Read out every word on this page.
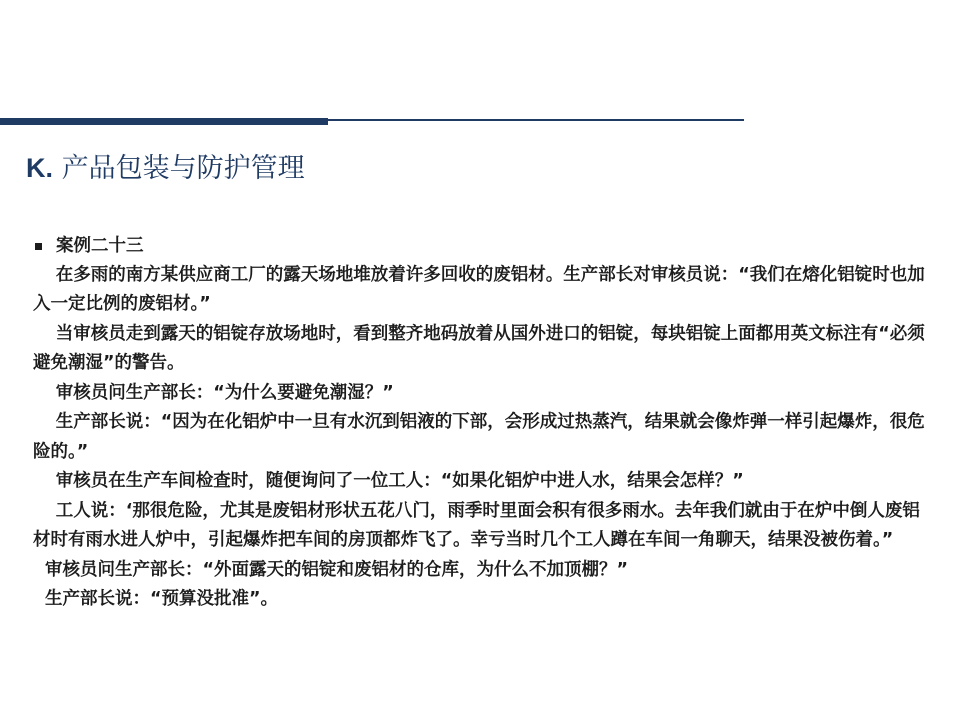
K. 产品包装与防护管理
案例二十三

在多雨的南方某供应商工厂的露天场地堆放着许多回收的废铝材。生产部长对审核员说：“我们在熔化铝锭时也加入一定比例的废铝材。”

当审核员走到露天的铝锭存放场地时，看到整齐地码放着从国外进口的铝锭，每块铝锭上面都用英文标注有“必须避免潮湿”的警告。

审核员问生产部长：“为什么要避免潮湿？”

生产部长说：“因为在化铝炉中一旦有水沉到铝液的下部，会形成过热蒸汽，结果就会像炸弹一样引起爆炸，很危险的。”

审核员在生产车间检查时，随便询问了一位工人：“如果化铝炉中进人水，结果会怎样？”

工人说：‘那很危险，尤其是废铝材形状五花八门，雨季时里面会积有很多雨水。去年我们就由于在炉中倒人废铝材时有雨水进人炉中，引起爆炸把车间的房顶都炸飞了。幸亏当时几个工人蹲在车间一角聊天，结果没被伤着。”

审核员问生产部长：“外面露天的铝锭和废铝材的仓库，为什么不加顶棚？”

生产部长说：“预算没批准”。
